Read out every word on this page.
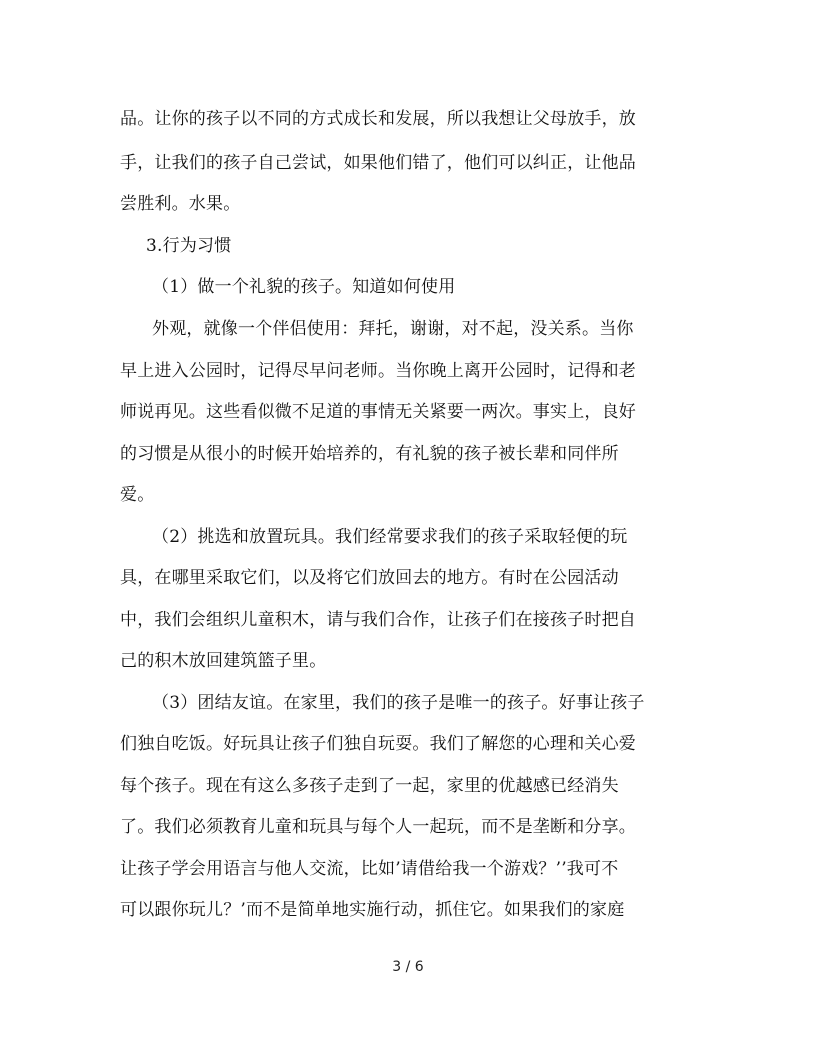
品。让你的孩子以不同的方式成长和发展，所以我想让父母放手，放
手，让我们的孩子自己尝试，如果他们错了，他们可以纠正，让他品
尝胜利。水果。
3.行为习惯
（1）做一个礼貌的孩子。知道如何使用
外观，就像一个伴侣使用：拜托，谢谢，对不起，没关系。当你
早上进入公园时，记得尽早问老师。当你晚上离开公园时，记得和老
师说再见。这些看似微不足道的事情无关紧要一两次。事实上，良好
的习惯是从很小的时候开始培养的，有礼貌的孩子被长辈和同伴所
爱。
（2）挑选和放置玩具。我们经常要求我们的孩子采取轻便的玩
具，在哪里采取它们，以及将它们放回去的地方。有时在公园活动
中，我们会组织儿童积木，请与我们合作，让孩子们在接孩子时把自
己的积木放回建筑篮子里。
（3）团结友谊。在家里，我们的孩子是唯一的孩子。好事让孩子
们独自吃饭。好玩具让孩子们独自玩耍。我们了解您的心理和关心爱
每个孩子。现在有这么多孩子走到了一起，家里的优越感已经消失
了。我们必须教育儿童和玩具与每个人一起玩，而不是垄断和分享。
让孩子学会用语言与他人交流，比如’请借给我一个游戏？’’我可不
可以跟你玩儿？’而不是简单地实施行动，抓住它。如果我们的家庭
3 / 6
